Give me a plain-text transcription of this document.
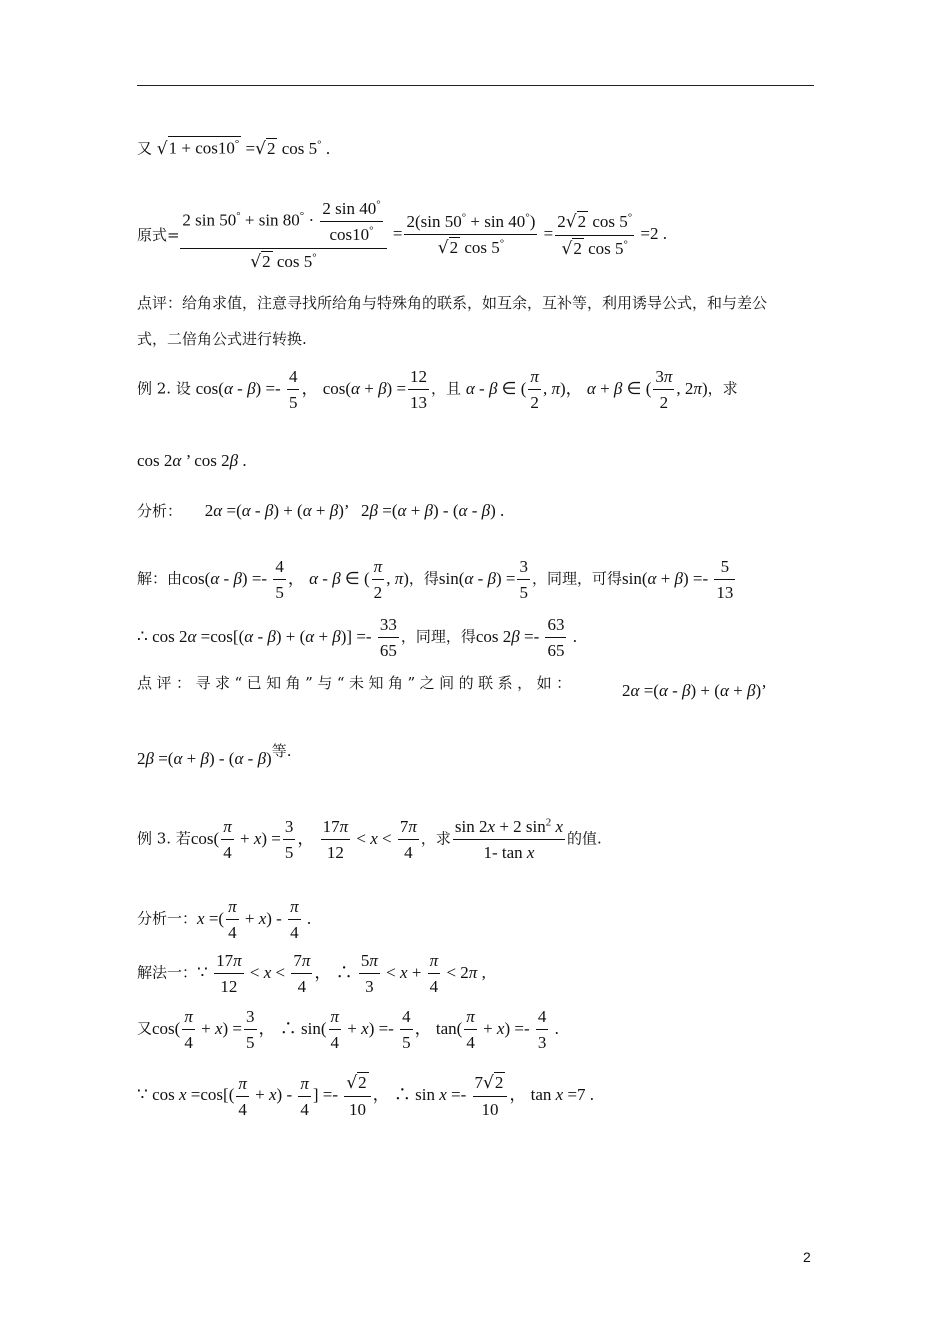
又 √1 + cos10° =√2 cos 5° .
原式= $\frac{2 \sin 50^\circ + \sin 80^\circ \cdot \frac{2 \sin 40^\circ}{\cos 10^\circ}}{√2 \cos 5^\circ} = \frac{2(\sin 50^\circ + \sin 40^\circ)}{√2 \cos 5^\circ} = \frac{2√2 \cos 5^\circ}{√2 \cos 5^\circ} =2$ .
点评：给角求值，注意寻找所给角与特殊角的联系，如互余，互补等，利用诱导公式，和与差公
式，二倍角公式进行转换.
例 2. 设 $\cos(\alpha - \beta) =- \frac{4}{5}$ ， $\cos(\alpha + \beta) = \frac{12}{13}$ ，且 α - β ∈ ( $\frac{\pi}{2}$ , π)， α + β ∈ ( $\frac{3\pi}{2}$ , 2π)，求
cos 2α ’ cos 2β .
分析： 2α =(α - β) + (α + β)’   2β =(α + β) - (α - β) .
解：由$\cos(\alpha - \beta) =- \frac{4}{5}$ ， α - β ∈ ( $\frac{\pi}{2}$ , π)，得$\sin(\alpha - \beta) = \frac{3}{5}$ ，同理，可得$\sin(\alpha + \beta) =- \frac{5}{13}$
∴ $\cos 2\alpha =\cos[(\alpha - \beta) + (\alpha + \beta)] =- \frac{33}{65}$ ，同理，得$\cos 2\beta =- \frac{63}{65}$ .
点评：寻求“已知角”与“未知角”之间的联系，如：	2α =(α - β) + (α + β)’
2β =(α + β) - (α - β)等.
例 3. 若$\cos( \frac{\pi}{4} + x) = \frac{3}{5}$ ， $\frac{17\pi}{12} < x < \frac{7\pi}{4}$ ，求 $\frac{\sin 2x + 2 \sin^2 x}{\text{1- tan x}}$ 的值.
分析一：x =( $\frac{\pi}{4} + x) - \frac{\pi}{4}$ .
解法一：∵ $\frac{17\pi}{12} < x < \frac{7\pi}{4}$ ， ∴ $\frac{5\pi}{3} < x + \frac{\pi}{4} < 2\pi$ ,
又$\cos( \frac{\pi}{4} + x) = \frac{3}{5}$ ， ∴ $\sin( \frac{\pi}{4} + x) =- \frac{4}{5}$ ， $\tan( \frac{\pi}{4} + x) =- \frac{4}{3}$ .
∵ $\cos x =\cos[( \frac{\pi}{4} + x) - \frac{\pi}{4}$ ] =- $\frac{√2}{10}$ ， ∴ $\sin x =- \frac{7√2}{10}$ ， tan x =7 .
2
